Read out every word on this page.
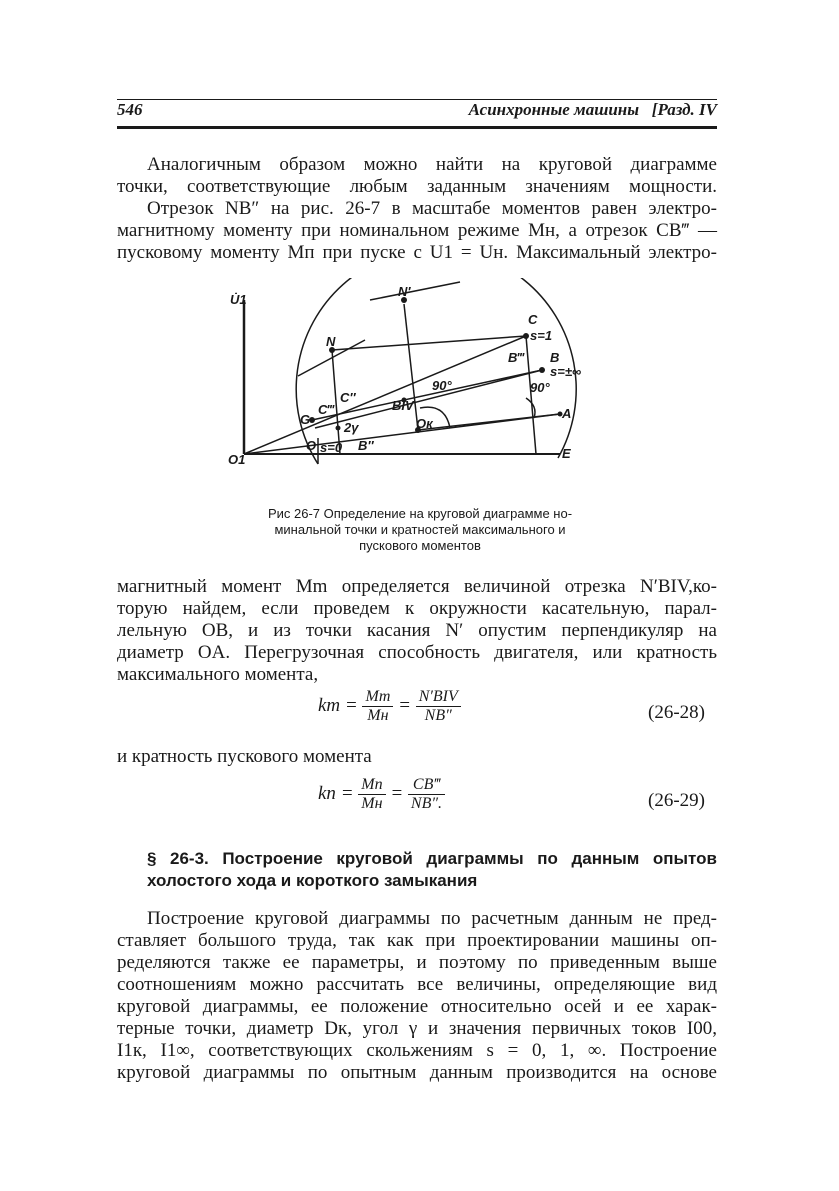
546	Асинхронные машины   [Разд. IV
Аналогичным образом можно найти на круговой диаграмме
точки, соответствующие любым заданным значениям мощности.
Отрезок NB″ на рис. 26-7 в масштабе моментов равен электро-
магнитному моменту при номинальном режиме Mн, а отрезок CB‴ —
пусковому моменту Mп при пуске с U1 = Uн. Максимальный электро-
U̇1
N′
N
C
s=1
B‴ B
s=±∞
90°	90°
A
G
C‴
C″
BIV
2γ	Oк
O s=0 B″
O1	E
Рис 26-7 Определение на круговой диаграмме но-
минальной точки и кратностей максимального и
пускового моментов
магнитный момент Mm определяется величиной отрезка N′BIV,ко-
торую найдем, если проведем к окружности касательную, парал-
лельную OB, и из точки касания N′ опустим перпендикуляр на
диаметр OA. Перегрузочная способность двигателя, или кратность
максимального момента,
km = $\frac{Mm}{Mн} = \frac{\text{N′BIV}}{NB''}$	(26-28)
и кратность пускового момента
kп = $\frac{Mп}{Mн} = \frac{CB‴}{NB''.}$	(26-29)
§ 26-3. Построение круговой диаграммы по данным опытов
холостого хода и короткого замыкания
Построение круговой диаграммы по расчетным данным не пред-
ставляет большого труда, так как при проектировании машины оп-
ределяются также ее параметры, и поэтому по приведенным выше
соотношениям можно рассчитать все величины, определяющие вид
круговой диаграммы, ее положение относительно осей и ее харак-
терные точки, диаметр Dк, угол γ и значения первичных токов I00,
I1к, I1∞, соответствующих скольжениям s = 0, 1, ∞. Построение
круговой диаграммы по опытным данным производится на основе
